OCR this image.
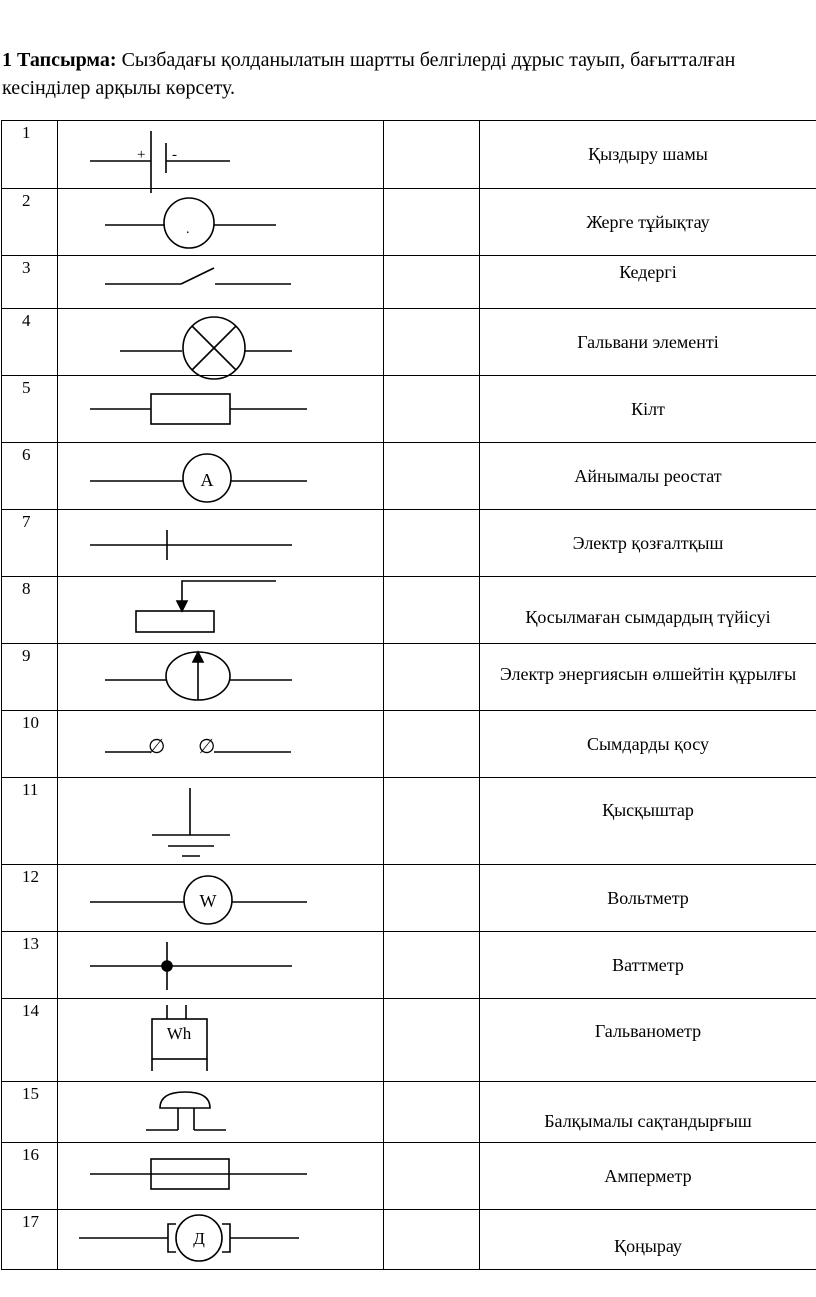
1 Тапсырма: Сызбадағы қолданылатын шартты белгілерді дұрыс тауып, бағытталған кесінділер арқылы көрсету.

1	+ -		Қыздыру шамы
2	.		Жерге тұйықтау
3			Кедергі
4			Гальвани элементі
5			Кілт
6	A		Айнымалы реостат
7			Электр қозғалтқыш
8			Қосылмаған сымдардың түйісуі
9			Электр энергиясын өлшейтін құрылғы
10	∅ ∅		Сымдарды қосу
11			Қысқыштар
12	W		Вольтметр
13			Ваттметр
14	Wh		Гальванометр
15			Балқымалы сақтандырғыш
16			Амперметр
17	Д		Қоңырау
